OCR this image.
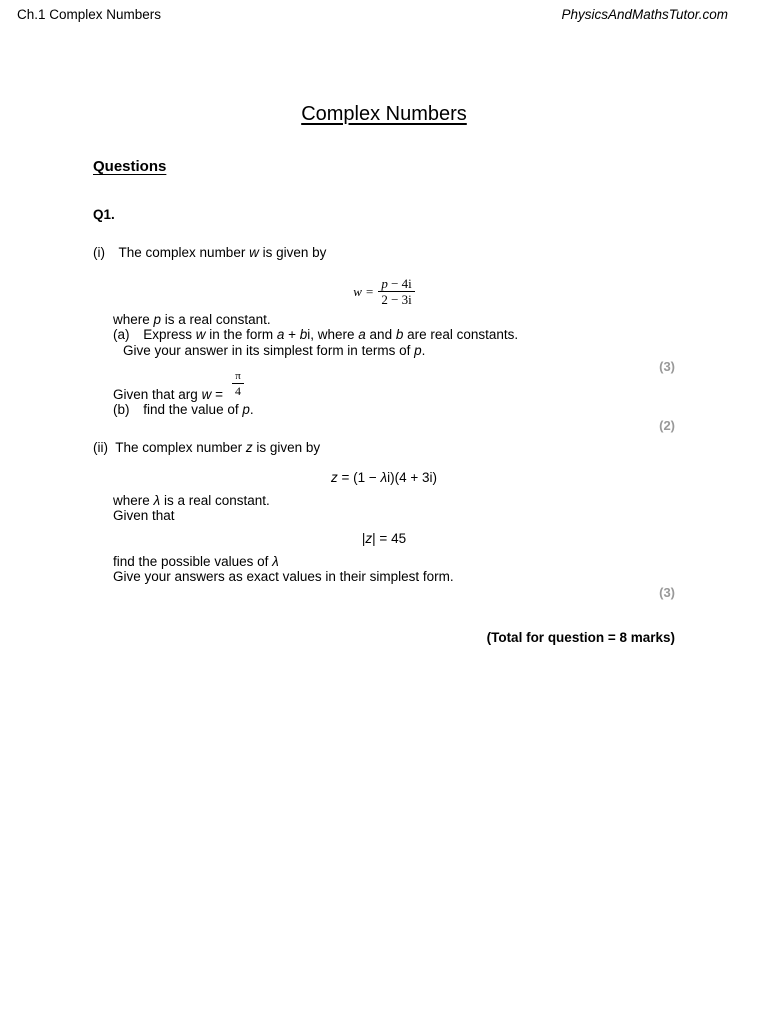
Ch.1 Complex Numbers	PhysicsAndMathsTutor.com
Complex Numbers
Questions
Q1.
(i) The complex number w is given by
$w = \frac{p - 4i}{2 - 3i}$
where p is a real constant.
(a) Express w in the form a + bi, where a and b are real constants.
Give your answer in its simplest form in terms of p.
(3)
$\frac{\pi}{4}$
Given that arg w =
(b) find the value of p.
(2)
(ii) The complex number z is given by
z = (1 − λi)(4 + 3i)
where λ is a real constant.
Given that
|z| = 45
find the possible values of λ
Give your answers as exact values in their simplest form.
(3)
(Total for question = 8 marks)
